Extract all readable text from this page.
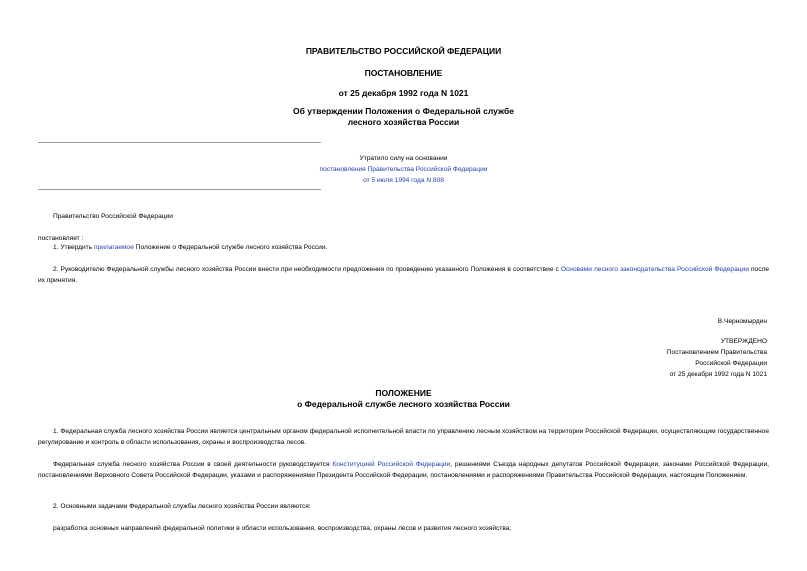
ПРАВИТЕЛЬСТВО РОССИЙСКОЙ ФЕДЕРАЦИИ
ПОСТАНОВЛЕНИЕ
от 25 декабря 1992 года N 1021
Об утверждении Положения о Федеральной службе
лесного хозяйства России
Утратило силу на основании
постановления Правительства Российской Федерации
от 5 июля 1994 года N 808
Правительство Российской Федерации
постановляет :
1. Утвердить прилагаемое Положение о Федеральной службе лесного хозяйства России.
2. Руководителю Федеральной службы лесного хозяйства России внести при необходимости предложения по проведению указанного Положения в соответствие с Основами лесного законодательства Российской Федерации после их принятия.
В.Черномырдин
УТВЕРЖДЕНО
Постановлением Правительства
Российской Федерации
от 25 декабря 1992 года N 1021
ПОЛОЖЕНИЕ
о Федеральной службе лесного хозяйства России
1. Федеральная служба лесного хозяйства России является центральным органом федеральной исполнительной власти по управлению лесным хозяйством на территории Российской Федерации, осуществляющим государственное регулирование и контроль в области использования, охраны и воспроизводства лесов.
Федеральная служба лесного хозяйства России в своей деятельности руководствуется Конституцией Российской Федерации, решениями Съезда народных депутатов Российской Федерации, законами Российской Федерации, постановлениями Верховного Совета Российской Федерации, указами и распоряжениями Президента Российской Федерации, постановлениями и распоряжениями Правительства Российской Федерации, настоящим Положением.
2. Основными задачами Федеральной службы лесного хозяйства России являются:
разработка основных направлений федеральной политики в области использования, воспроизводства, охраны лесов и развития лесного хозяйства;
